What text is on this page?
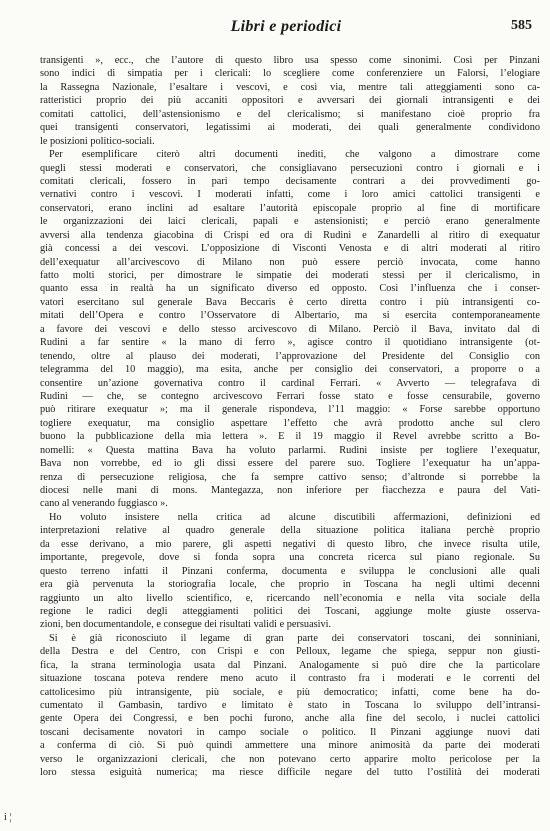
Libri e periodici	585
transigenti », ecc., che l’autore di questo libro usa spesso come sinonimi. Così per Pinzani
sono indici di simpatia per i clericali: lo scegliere come conferenziere un Falorsi, l’elogiare
la Rassegna Nazionale, l’esaltare i vescovi, e così via, mentre tali atteggiamenti sono ca-
ratteristici proprio dei più accaniti oppositori e avversari dei giornali intransigenti e dei
comitati cattolici, dell’astensionismo e del clericalismo; si manifestano cioè proprio fra
quei transigenti conservatori, legatissimi ai moderati, dei quali generalmente condividono
le posizioni politico-sociali.
Per esemplificare citerò altri documenti inediti, che valgono a dimostrare come
quegli stessi moderati e conservatori, che consigliavano persecuzioni contro i giornali e i
comitati clericali, fossero in pari tempo decisamente contrari a dei provvedimenti go-
vernativi contro i vescovi. I moderati infatti, come i loro amici cattolici transigenti e
conservatori, erano inclini ad esaltare l’autorità episcopale proprio al fine di mortificare
le organizzazioni dei laici clericali, papali e astensionisti; e perciò erano generalmente
avversi alla tendenza giacobina di Crispi ed ora di Rudinì e Zanardelli al ritiro di exequatur
già concessi a dei vescovi. L’opposizione di Visconti Venosta e di altri moderati al ritiro
dell’exequatur all’arcivescovo di Milano non può essere perciò invocata, come hanno
fatto molti storici, per dimostrare le simpatie dei moderati stessi per il clericalismo, in
quanto essa in realtà ha un significato diverso ed opposto. Così l’influenza che i conser-
vatori esercitano sul generale Bava Beccaris è certo diretta contro i più intransigenti co-
mitati dell’Opera e contro l’Osservatore di Albertario, ma si esercita contemporaneamente
a favore dei vescovi e dello stesso arcivescovo di Milano. Perciò il Bava, invitato dal di
Rudinì a far sentire « la mano di ferro », agisce contro il quotidiano intransigente (ot-
tenendo, oltre al plauso dei moderati, l’approvazione del Presidente del Consiglio con
telegramma del 10 maggio), ma esita, anche per consiglio dei conservatori, a proporre o a
consentire un’azione governativa contro il cardinal Ferrari. « Avverto — telegrafava di
Rudinì — che, se contegno arcivescovo Ferrari fosse stato e fosse censurabile, governo
può ritirare exequatur »; ma il generale rispondeva, l’11 maggio: « Forse sarebbe opportuno
togliere exequatur, ma consiglio aspettare l’effetto che avrà prodotto anche sul clero
buono la pubblicazione della mia lettera ». E il 19 maggio il Revel avrebbe scritto a Bo-
nomelli: « Questa mattina Bava ha voluto parlarmi. Rudinì insiste per togliere l’exequatur,
Bava non vorrebbe, ed io gli dissi essere del parere suo. Togliere l’exequatur ha un’appa-
renza di persecuzione religiosa, che fa sempre cattivo senso; d’altronde si porrebbe la
diocesi nelle mani di mons. Mantegazza, non inferiore per fiacchezza e paura del Vati-
cano al venerando fuggiasco ».
Ho voluto insistere nella critica ad alcune discutibili affermazioni, definizioni ed
interpretazioni relative al quadro generale della situazione politica italiana perchè proprio
da esse derivano, a mio parere, gli aspetti negativi di questo libro, che invece risulta utile,
importante, pregevole, dove si fonda sopra una concreta ricerca sul piano regionale. Su
questo terreno infatti il Pinzani conferma, documenta e sviluppa le conclusioni alle quali
era già pervenuta la storiografia locale, che proprio in Toscana ha negli ultimi decenni
raggiunto un alto livello scientifico, e, ricercando nell’economia e nella vita sociale della
regione le radici degli atteggiamenti politici dei Toscani, aggiunge molte giuste osserva-
zioni, ben documentandole, e consegue dei risultati validi e persuasivi.
Si è già riconosciuto il legame di gran parte dei conservatori toscani, dei sonniniani,
della Destra e del Centro, con Crispi e con Pelloux, legame che spiega, seppur non giusti-
fica, la strana terminologia usata dal Pinzani. Analogamente si può dire che la particolare
situazione toscana poteva rendere meno acuto il contrasto fra i moderati e le correnti del
cattolicesimo più intransigente, più sociale, e più democratico; infatti, come bene ha do-
cumentato il Gambasin, tardivo e limitato è stato in Toscana lo sviluppo dell’intransi-
gente Opera dei Congressi, e ben pochi furono, anche alla fine del secolo, i nuclei cattolici
toscani decisamente novatori in campo sociale o politico. Il Pinzani aggiunge nuovi dati
a conferma di ciò. Si può quindi ammettere una minore animosità da parte dei moderati
verso le organizzazioni clericali, che non potevano certo apparire molto pericolose per la
loro stessa esiguità numerica; ma riesce difficile negare del tutto l’ostilità dei moderati
i ¦
